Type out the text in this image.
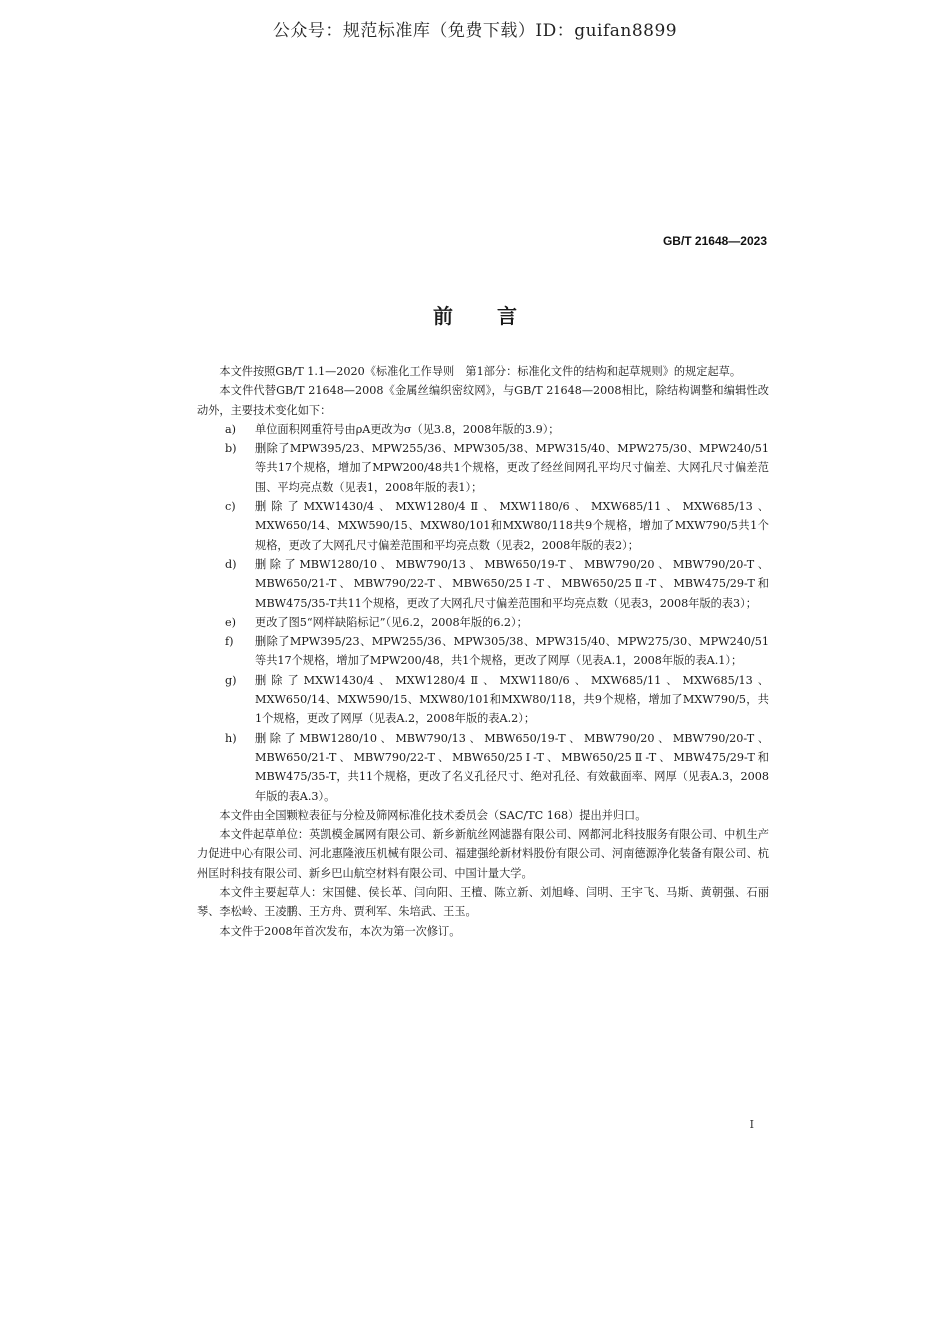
公众号：规范标准库（免费下载）ID：guifan8899
GB/T 21648—2023
前言

本文件按照GB/T 1.1—2020《标准化工作导则　第1部分：标准化文件的结构和起草规则》的规定起草。

本文件代替GB/T 21648—2008《金属丝编织密纹网》，与GB/T 21648—2008相比，除结构调整和编辑性改动外，主要技术变化如下：

a)	单位面积网重符号由ρA更改为σ（见3.8，2008年版的3.9）；
b)	删除了MPW395/23、MPW255/36、MPW305/38、MPW315/40、MPW275/30、MPW240/51等共17个规格，增加了MPW200/48共1个规格，更改了经丝间网孔平均尺寸偏差、大网孔尺寸偏差范围、平均亮点数（见表1，2008年版的表1）；
c)	删除了MXW1430/4、MXW1280/4Ⅱ、MXW1180/6、MXW685/11、MXW685/13、MXW650/14、MXW590/15、MXW80/101和MXW80/118共9个规格，增加了MXW790/5共1个规格，更改了大网孔尺寸偏差范围和平均亮点数（见表2，2008年版的表2）；
d)	删除了MBW1280/10、MBW790/13、MBW650/19-T、MBW790/20、MBW790/20-T、MBW650/21-T、MBW790/22-T、MBW650/25Ⅰ-T、MBW650/25Ⅱ-T、MBW475/29-T和MBW475/35-T共11个规格，更改了大网孔尺寸偏差范围和平均亮点数（见表3，2008年版的表3）；
e)	更改了图5“网样缺陷标记”（见6.2，2008年版的6.2）；
f)	删除了MPW395/23、MPW255/36、MPW305/38、MPW315/40、MPW275/30、MPW240/51等共17个规格，增加了MPW200/48，共1个规格，更改了网厚（见表A.1，2008年版的表A.1）；
g)	删除了MXW1430/4、MXW1280/4Ⅱ、MXW1180/6、MXW685/11、MXW685/13、MXW650/14、MXW590/15、MXW80/101和MXW80/118，共9个规格，增加了MXW790/5，共1个规格，更改了网厚（见表A.2，2008年版的表A.2）；
h)	删除了MBW1280/10、MBW790/13、MBW650/19-T、MBW790/20、MBW790/20-T、MBW650/21-T、MBW790/22-T、MBW650/25Ⅰ-T、MBW650/25Ⅱ-T、MBW475/29-T和MBW475/35-T，共11个规格，更改了名义孔径尺寸、绝对孔径、有效截面率、网厚（见表A.3，2008年版的表A.3）。

本文件由全国颗粒表征与分检及筛网标准化技术委员会（SAC/TC 168）提出并归口。

本文件起草单位：英凯模金属网有限公司、新乡新航丝网滤器有限公司、网都河北科技服务有限公司、中机生产力促进中心有限公司、河北惠隆液压机械有限公司、福建强纶新材料股份有限公司、河南德源净化装备有限公司、杭州匡时科技有限公司、新乡巴山航空材料有限公司、中国计量大学。

本文件主要起草人：宋国健、侯长革、闫向阳、王檀、陈立新、刘旭峰、闫明、王宇飞、马斯、黄朝强、石丽琴、李松岭、王凌鹏、王方舟、贾利军、朱培武、王玉。

本文件于2008年首次发布，本次为第一次修订。

I
